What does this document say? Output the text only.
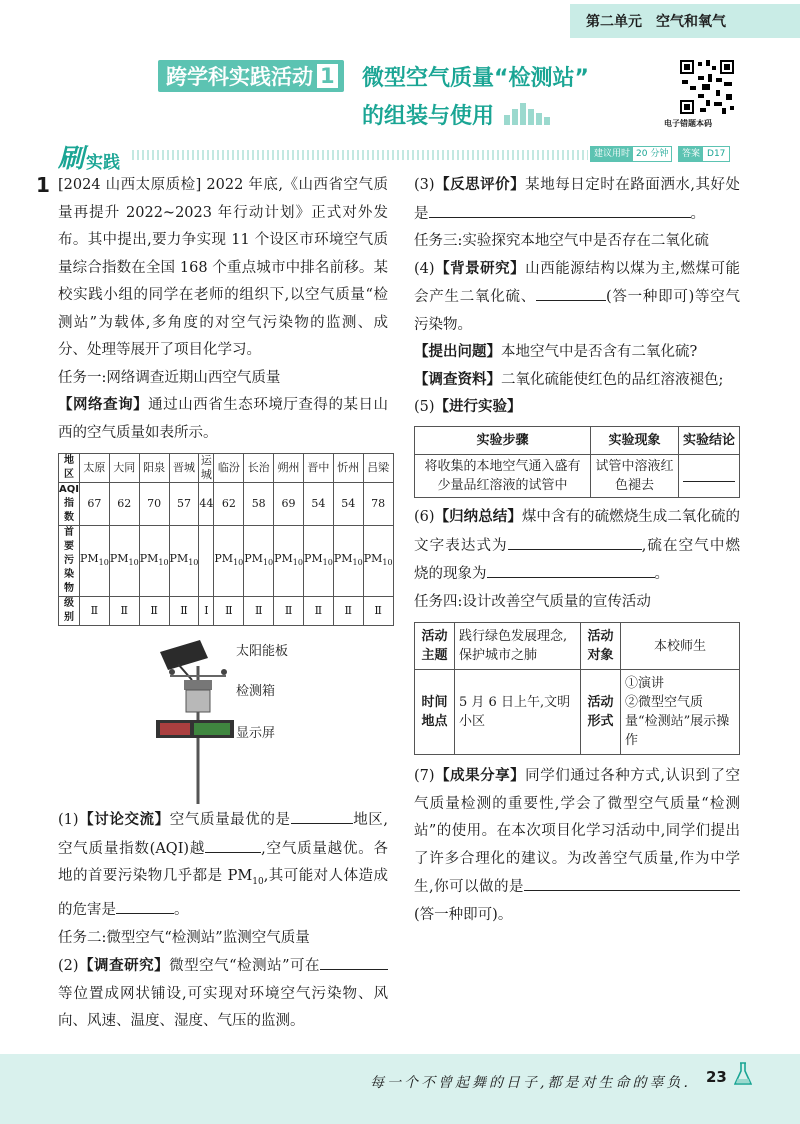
第二单元 空气和氧气
跨学科实践活动 1 微型空气质量“检测站”
的组装与使用	电子错题本码
刷 实践	建议用时 20 分钟	答案 D17
1 [2024 山西太原质检] 2022 年底,《山西省空气质量再提升 2022~2023 年行动计划》正式对外发布。其中提出,要力争实现 11 个设区市环境空气质量综合指数在全国 168 个重点城市中排名前移。某校实践小组的同学在老师的组织下,以空气质量“检测站”为载体,多角度的对空气污染物的监测、成分、处理等展开了项目化学习。

任务一:网络调查近期山西空气质量

【网络查询】通过山西省生态环境厅查得的某日山西的空气质量如表所示。

地区	太原	大同	阳泉	晋城	运城	临汾	长治	朔州	晋中	忻州	吕梁
AQI指数	67	62	70	57	44	62	58	69	54	54	78
首要污染物	$PM_{10}$	$PM_{10}$	$PM_{10}$	$PM_{10}$		$PM_{10}$	$PM_{10}$	$PM_{10}$	$PM_{10}$	$PM_{10}$	$PM_{10}$
级别	Ⅱ	Ⅱ	Ⅱ	Ⅱ	Ⅰ	Ⅱ	Ⅱ	Ⅱ	Ⅱ	Ⅱ	Ⅱ
太阳能板
检测箱
显示屏

(1)【讨论交流】空气质量最优的是	地区,空气质量指数(AQI)越	,空气质量越优。各地的首要污染物几乎都是 $PM_{10}$,其可能对人体造成的危害是	。

任务二:微型空气“检测站”监测空气质量

(2)【调查研究】微型空气“检测站”可在等位置成网状铺设,可实现对环境空气污染物、风向、风速、温度、湿度、气压的监测。

(3)【反思评价】某地每日定时在路面洒水,其好处是	。

任务三:实验探究本地空气中是否存在二氧化硫

(4)【背景研究】山西能源结构以煤为主,燃煤可能会产生二氧化硫、	(答一种即可)等空气污染物。

【提出问题】本地空气中是否含有二氧化硫?

【调查资料】二氧化硫能使红色的品红溶液褪色;

(5)【进行实验】

实验步骤	实验现象	实验结论
将收集的本地空气通入盛有少量品红溶液的试管中	试管中溶液红色褪去	

(6)【归纳总结】煤中含有的硫燃烧生成二氧化硫的文字表达式为	,硫在空气中燃烧的现象为	。

任务四:设计改善空气质量的宣传活动

活动主题	践行绿色发展理念,保护城市之肺	活动对象	本校师生
时间地点	5 月 6 日上午,文明小区	活动形式	①演讲
②微型空气质量“检测站”展示操作

(7)【成果分享】同学们通过各种方式,认识到了空气质量检测的重要性,学会了微型空气质量“检测站”的使用。在本次项目化学习活动中,同学们提出了许多合理化的建议。为改善空气质量,作为中学生,你可以做的是(答一种即可)。

每一个不曾起舞的日子,都是对生命的辜负. 23
